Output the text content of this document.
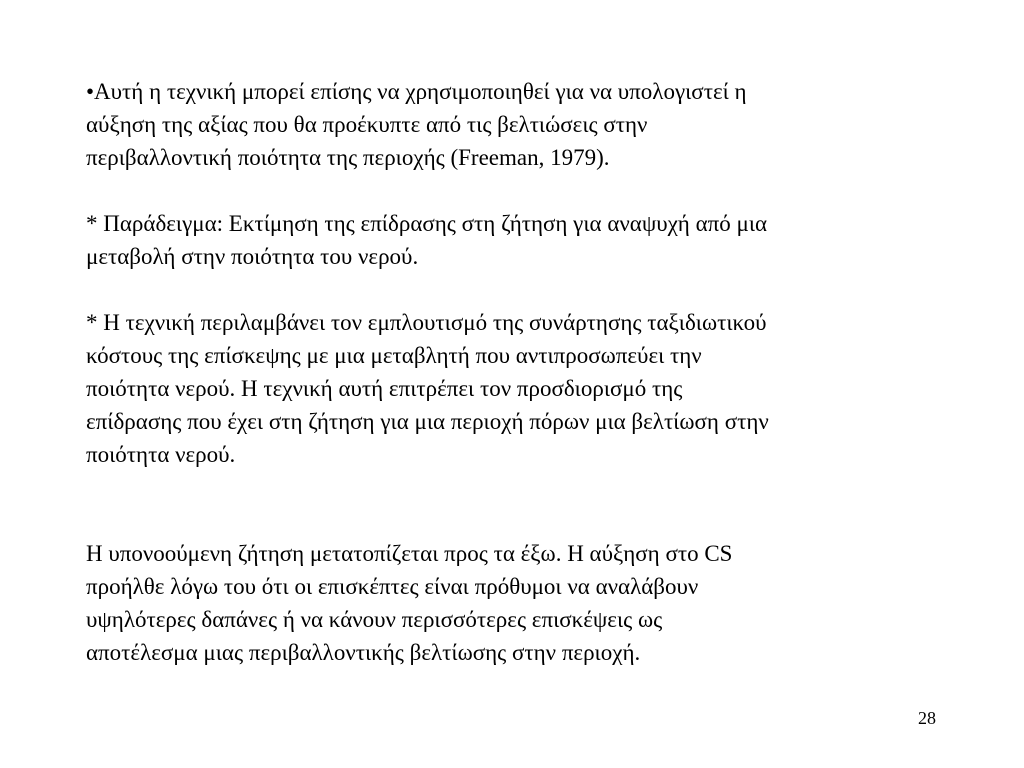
•Αυτή η τεχνική μπορεί επίσης να χρησιμοποιηθεί για να υπολογιστεί η
αύξηση της αξίας που θα προέκυπτε από τις βελτιώσεις στην
περιβαλλοντική ποιότητα της περιοχής (Freeman, 1979).
* Παράδειγμα: Εκτίμηση της επίδρασης στη ζήτηση για αναψυχή από μια
μεταβολή στην ποιότητα του νερού.
* Η τεχνική περιλαμβάνει τον εμπλουτισμό της συνάρτησης ταξιδιωτικού
κόστους της επίσκεψης με μια μεταβλητή που αντιπροσωπεύει την
ποιότητα νερού. Η τεχνική αυτή επιτρέπει τον προσδιορισμό της
επίδρασης που έχει στη ζήτηση για μια περιοχή πόρων μια βελτίωση στην
ποιότητα νερού.
Η υπονοούμενη ζήτηση μετατοπίζεται προς τα έξω. Η αύξηση στο CS
προήλθε λόγω του ότι οι επισκέπτες είναι πρόθυμοι να αναλάβουν
υψηλότερες δαπάνες ή να κάνουν περισσότερες επισκέψεις ως
αποτέλεσμα μιας περιβαλλοντικής βελτίωσης στην περιοχή.

28
